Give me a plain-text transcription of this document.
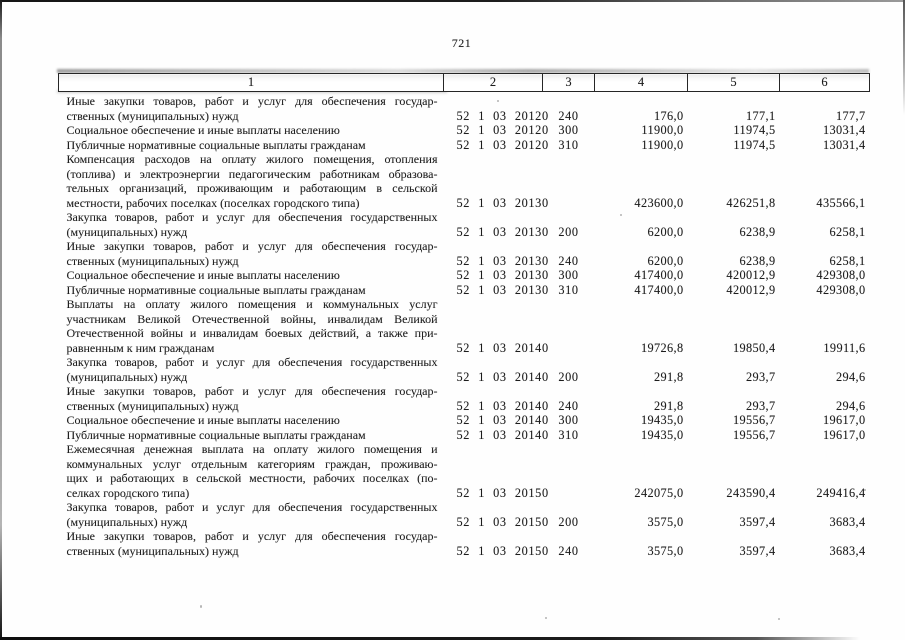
721
1	2	3	4	5	6

Иные закупки товаров, работ и услуг для обеспечения государ-
ственных (муниципальных) нужд	52 1 03 20120	240	176,0	177,1	177,7
Социальное обеспечение и иные выплаты населению	52 1 03 20120	300	11900,0	11974,5	13031,4
Публичные нормативные социальные выплаты гражданам	52 1 03 20120	310	11900,0	11974,5	13031,4

Компенсация расходов на оплату жилого помещения, отопления
(топлива) и электроэнергии педагогическим работникам образова-
тельных организаций, проживающим и работающим в сельской
местности, рабочих поселках (поселках городского типа)	52 1 03 20130		423600,0	426251,8	435566,1

Закупка товаров, работ и услуг для обеспечения государственных
(муниципальных) нужд	52 1 03 20130	200	6200,0	6238,9	6258,1

Иные закупки товаров, работ и услуг для обеспечения государ-
ственных (муниципальных) нужд	52 1 03 20130	240	6200,0	6238,9	6258,1
Социальное обеспечение и иные выплаты населению	52 1 03 20130	300	417400,0	420012,9	429308,0
Публичные нормативные социальные выплаты гражданам	52 1 03 20130	310	417400,0	420012,9	429308,0

Выплаты на оплату жилого помещения и коммунальных услуг
участникам Великой Отечественной войны, инвалидам Великой
Отечественной войны и инвалидам боевых действий, а также при-
равненным к ним гражданам	52 1 03 20140		19726,8	19850,4	19911,6

Закупка товаров, работ и услуг для обеспечения государственных
(муниципальных) нужд	52 1 03 20140	200	291,8	293,7	294,6

Иные закупки товаров, работ и услуг для обеспечения государ-
ственных (муниципальных) нужд	52 1 03 20140	240	291,8	293,7	294,6
Социальное обеспечение и иные выплаты населению	52 1 03 20140	300	19435,0	19556,7	19617,0
Публичные нормативные социальные выплаты гражданам	52 1 03 20140	310	19435,0	19556,7	19617,0

Ежемесячная денежная выплата на оплату жилого помещения и
коммунальных услуг отдельным категориям граждан, проживаю-
щих и работающих в сельской местности, рабочих поселках (по-
селках городского типа)	52 1 03 20150		242075,0	243590,4	249416,4

Закупка товаров, работ и услуг для обеспечения государственных
(муниципальных) нужд	52 1 03 20150	200	3575,0	3597,4	3683,4

Иные закупки товаров, работ и услуг для обеспечения государ-
ственных (муниципальных) нужд	52 1 03 20150	240	3575,0	3597,4	3683,4
